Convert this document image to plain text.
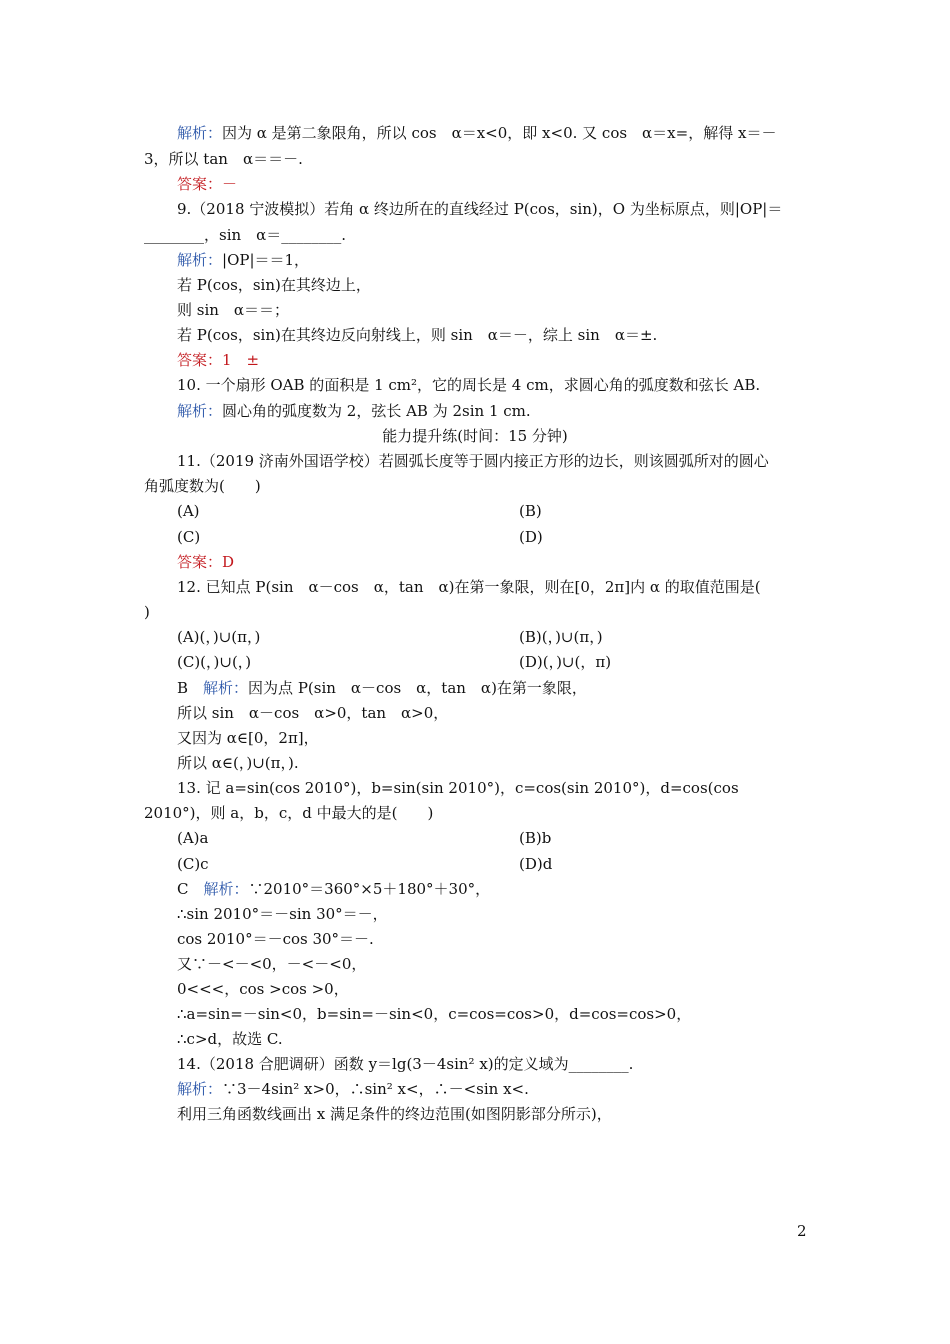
解析：因为 α 是第二象限角，所以 cos　α＝x<0，即 x<0. 又 cos　α＝x=，解得 x＝－
3，所以 tan　α＝＝－.
答案：－
9.（2018 宁波模拟）若角 α 终边所在的直线经过 P(cos，sin)，O 为坐标原点，则|OP|＝
________，sin　α＝________.
解析：|OP|＝＝1，
若 P(cos，sin)在其终边上，
则 sin　α＝＝；
若 P(cos，sin)在其终边反向射线上，则 sin　α＝－，综上 sin　α＝±.
答案：1　±
10. 一个扇形 OAB 的面积是 1 cm²，它的周长是 4 cm，求圆心角的弧度数和弦长 AB.
解析：圆心角的弧度数为 2，弦长 AB 为 2sin 1 cm.
能力提升练(时间：15 分钟)
11.（2019 济南外国语学校）若圆弧长度等于圆内接正方形的边长，则该圆弧所对的圆心
角弧度数为(　　)
(A)	(B)
(C)	(D)
答案：D
12. 已知点 P(sin　α－cos　α，tan　α)在第一象限，则在[0，2π]内 α 的取值范围是(
)
(A)(，)∪(π，)	(B)(，)∪(π，)
(C)(，)∪(，)	(D)(，)∪(，π)
B　解析：因为点 P(sin　α－cos　α，tan　α)在第一象限，
所以 sin　α－cos　α>0，tan　α>0，
又因为 α∈[0，2π]，
所以 α∈(，)∪(π，).
13. 记 a=sin(cos 2010°)，b=sin(sin 2010°)，c=cos(sin 2010°)，d=cos(cos
2010°)，则 a，b，c，d 中最大的是(　　)
(A)a	(B)b
(C)c	(D)d
C　解析：∵2010°＝360°×5＋180°＋30°，
∴sin 2010°＝－sin 30°＝－，
cos 2010°＝－cos 30°＝－.
又∵－<－<0，－<－<0，
0<<<，cos >cos >0，
∴a=sin=－sin<0，b=sin=－sin<0，c=cos=cos>0，d=cos=cos>0，
∴c>d，故选 C.
14.（2018 合肥调研）函数 y＝lg(3－4sin² x)的定义域为________.
解析：∵3－4sin² x>0，∴sin² x<，∴－<sin x<.
利用三角函数线画出 x 满足条件的终边范围(如图阴影部分所示)，
2
